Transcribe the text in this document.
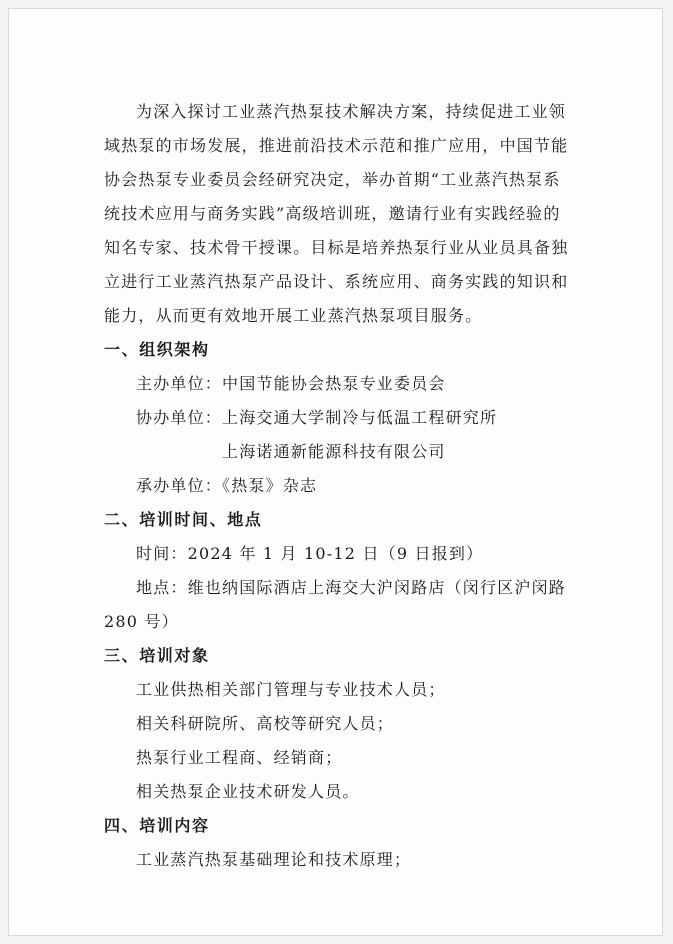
为深入探讨工业蒸汽热泵技术解决方案，持续促进工业领
域热泵的市场发展，推进前沿技术示范和推广应用，中国节能
协会热泵专业委员会经研究决定，举办首期“工业蒸汽热泵系
统技术应用与商务实践”高级培训班，邀请行业有实践经验的
知名专家、技术骨干授课。目标是培养热泵行业从业员具备独
立进行工业蒸汽热泵产品设计、系统应用、商务实践的知识和
能力，从而更有效地开展工业蒸汽热泵项目服务。
一、组织架构
主办单位：中国节能协会热泵专业委员会
协办单位：上海交通大学制冷与低温工程研究所
上海诺通新能源科技有限公司
承办单位：《热泵》杂志
二、培训时间、地点
时间：2024 年 1 月 10-12 日（9 日报到）
地点：维也纳国际酒店上海交大沪闵路店（闵行区沪闵路
280 号）
三、培训对象
工业供热相关部门管理与专业技术人员；
相关科研院所、高校等研究人员；
热泵行业工程商、经销商；
相关热泵企业技术研发人员。
四、培训内容
工业蒸汽热泵基础理论和技术原理；
